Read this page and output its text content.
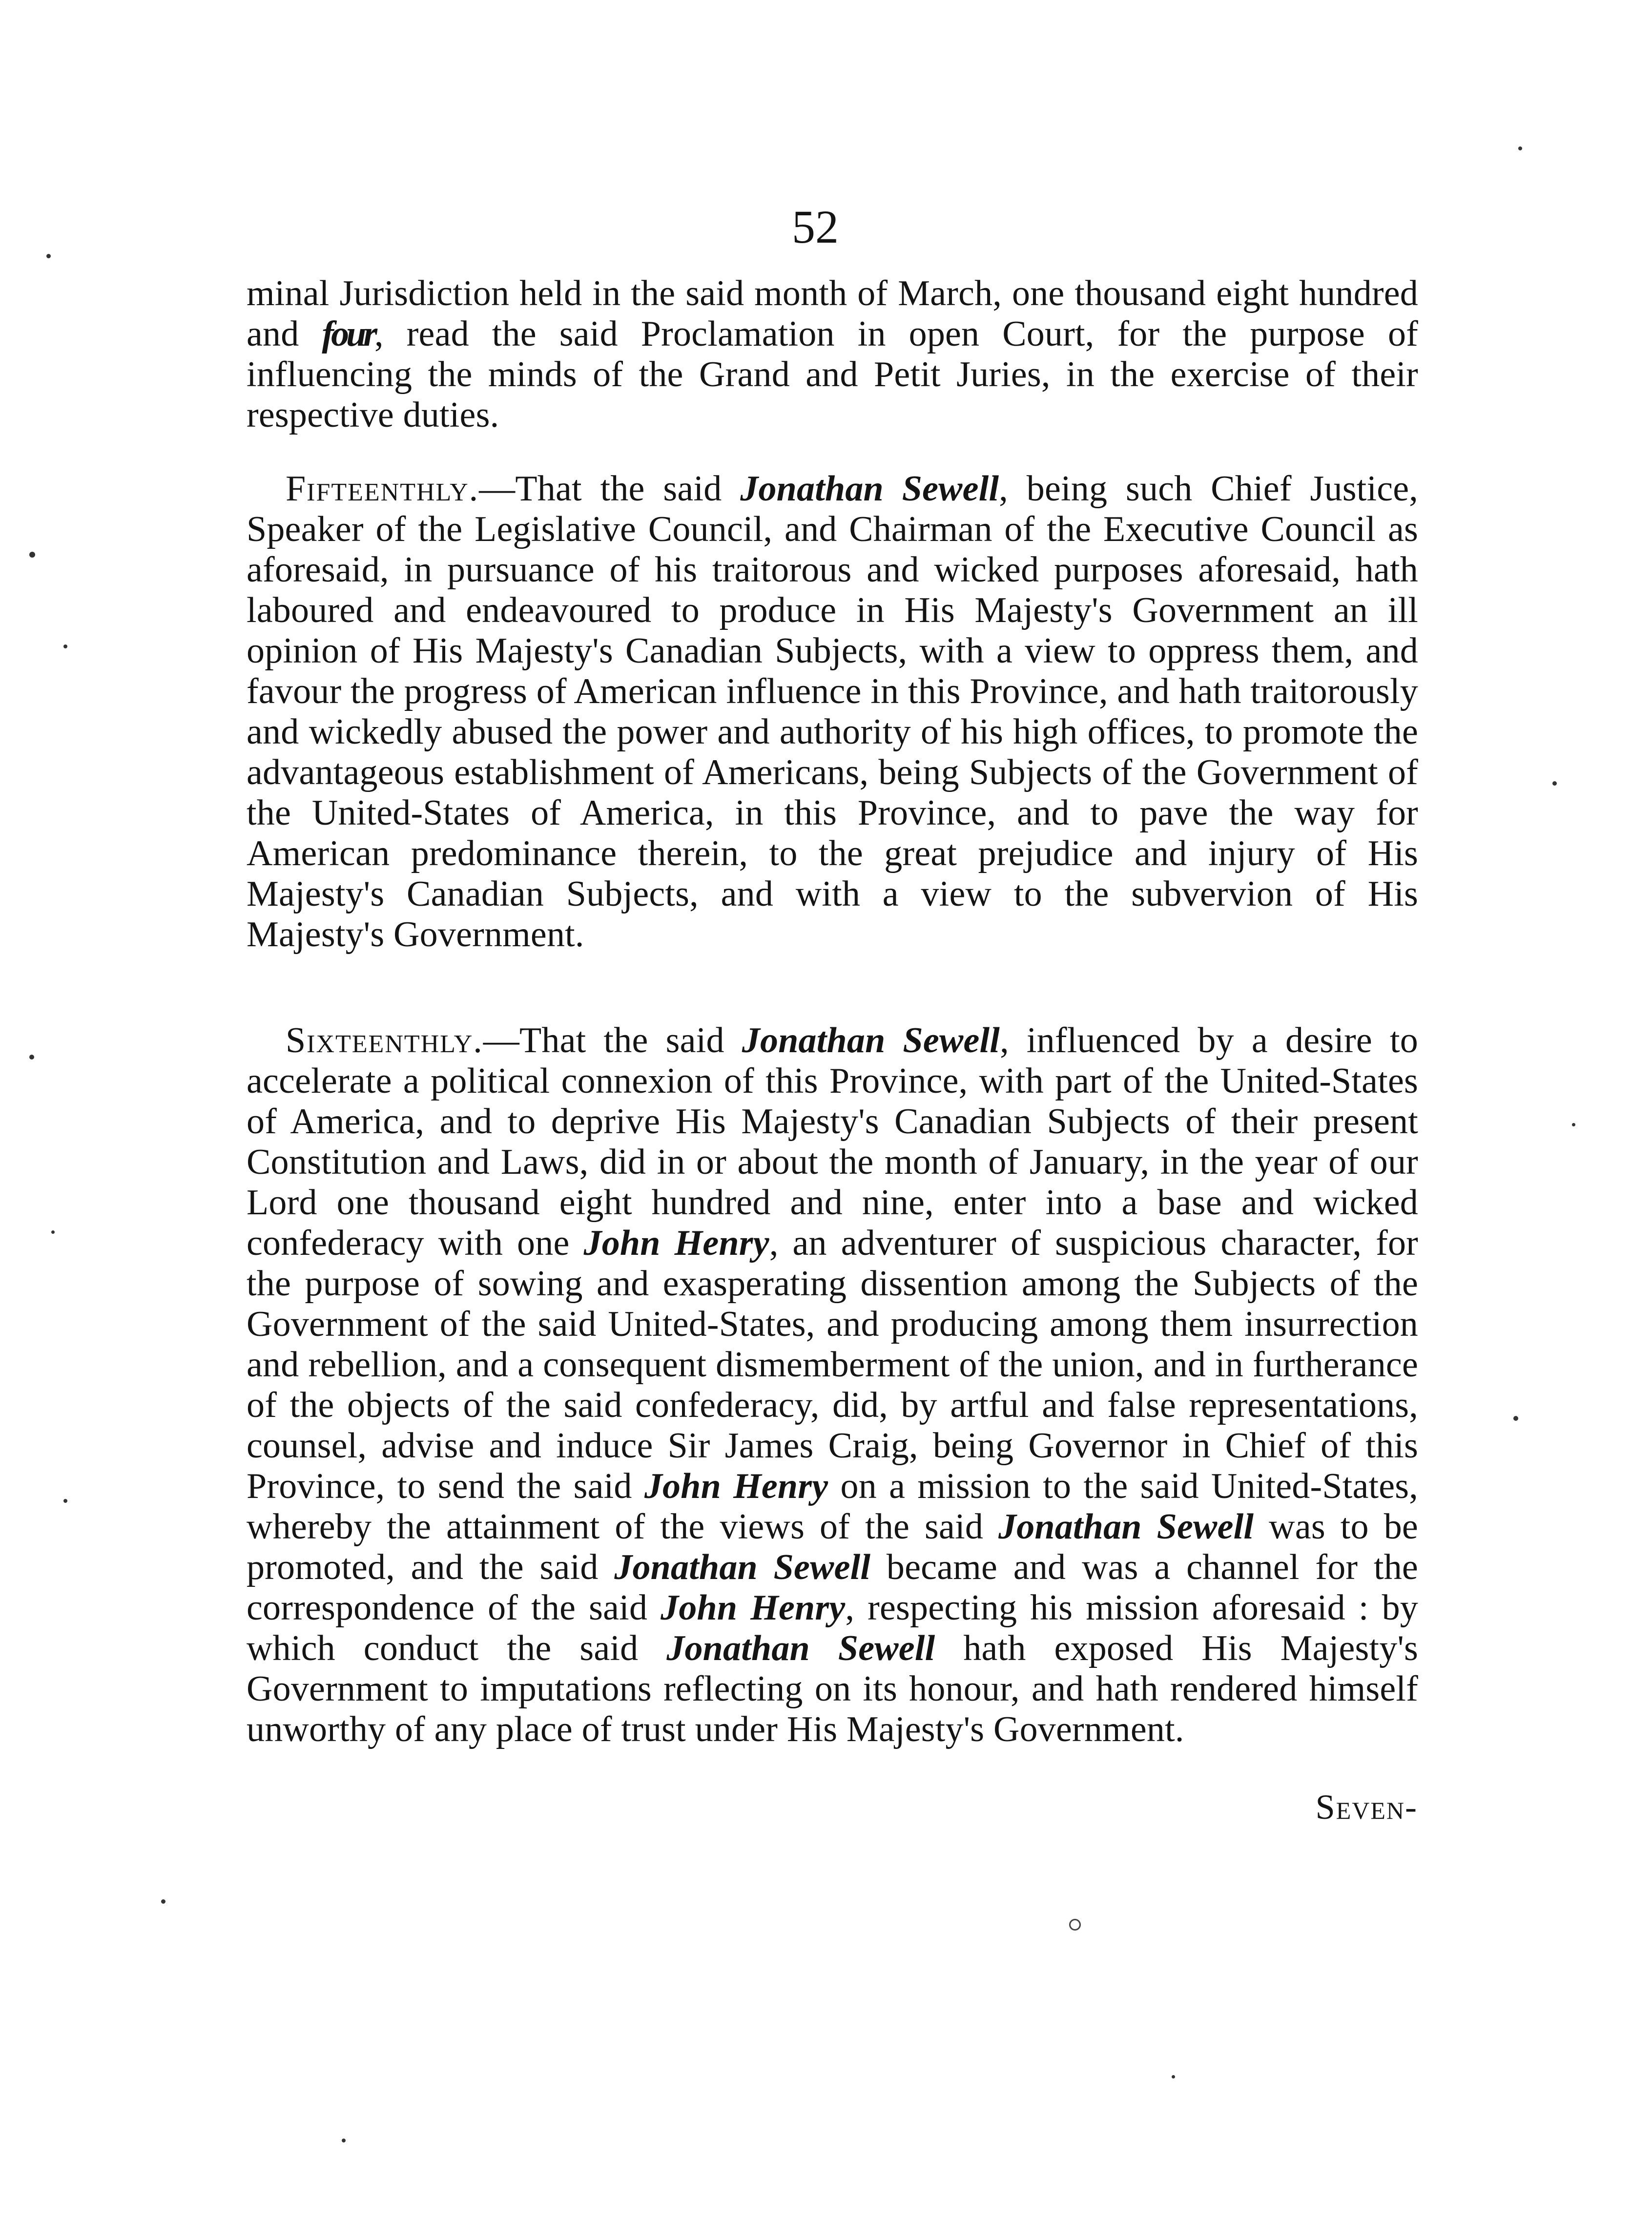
52

minal Jurisdiction held in the said month of March, one thousand eight hundred and four, read the said Proclamation in open Court, for the purpose of influencing the minds of the Grand and Petit Juries, in the exercise of their respective duties.

Fifteenthly.—That the said Jonathan Sewell, being such Chief Justice, Speaker of the Legislative Council, and Chairman of the Executive Council as aforesaid, in pursuance of his traitorous and wicked purposes aforesaid, hath laboured and endeavoured to produce in His Majesty's Government an ill opinion of His Majesty's Canadian Subjects, with a view to oppress them, and favour the progress of American influence in this Province, and hath traitorously and wickedly abused the power and authority of his high offices, to promote the advantageous establishment of Americans, being Subjects of the Government of the United-States of America, in this Province, and to pave the way for American predominance therein, to the great prejudice and injury of His Majesty's Canadian Subjects, and with a view to the subvervion of His Majesty's Government.

Sixteenthly.—That the said Jonathan Sewell, influenced by a desire to accelerate a political connexion of this Province, with part of the United-States of America, and to deprive His Majesty's Canadian Subjects of their present Constitution and Laws, did in or about the month of January, in the year of our Lord one thousand eight hundred and nine, enter into a base and wicked confederacy with one John Henry, an adventurer of suspicious character, for the purpose of sowing and exasperating dissention among the Subjects of the Government of the said United-States, and producing among them insurrection and rebellion, and a consequent dismemberment of the union, and in furtherance of the objects of the said confederacy, did, by artful and false representations, counsel, advise and induce Sir James Craig, being Governor in Chief of this Province, to send the said John Henry on a mission to the said United-States, whereby the attainment of the views of the said Jonathan Sewell was to be promoted, and the said Jonathan Sewell became and was a channel for the correspondence of the said John Henry, respecting his mission aforesaid : by which conduct the said Jonathan Sewell hath exposed His Majesty's Government to imputations reflecting on its honour, and hath rendered himself unworthy of any place of trust under His Majesty's Government.

Seven-
